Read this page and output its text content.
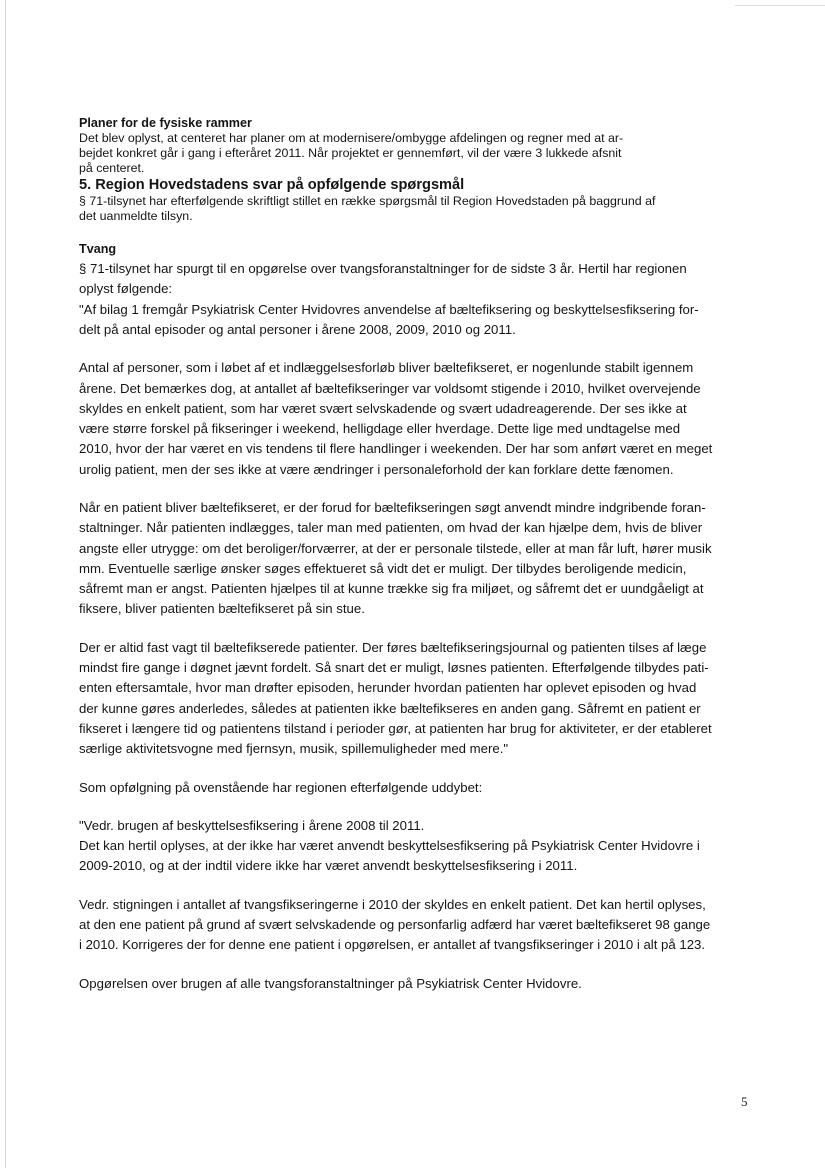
Planer for de fysiske rammer

Det blev oplyst, at centeret har planer om at modernisere/ombygge afdelingen og regner med at ar-

bejdet konkret går i gang i efteråret 2011. Når projektet er gennemført, vil der være 3 lukkede afsnit

på centeret.

5. Region Hovedstadens svar på opfølgende spørgsmål

§ 71-tilsynet har efterfølgende skriftligt stillet en række spørgsmål til Region Hovedstaden på baggrund af

det uanmeldte tilsyn.

Tvang

§ 71-tilsynet har spurgt til en opgørelse over tvangsforanstaltninger for de sidste 3 år. Hertil har regionen

oplyst følgende:

"Af bilag 1 fremgår Psykiatrisk Center Hvidovres anvendelse af bæltefiksering og beskyttelsesfiksering for-

delt på antal episoder og antal personer i årene 2008, 2009, 2010 og 2011.

Antal af personer, som i løbet af et indlæggelsesforløb bliver bæltefikseret, er nogenlunde stabilt igennem

årene. Det bemærkes dog, at antallet af bæltefikseringer var voldsomt stigende i 2010, hvilket overvejende

skyldes en enkelt patient, som har været svært selvskadende og svært udadreagerende. Der ses ikke at

være større forskel på fikseringer i weekend, helligdage eller hverdage. Dette lige med undtagelse med

2010, hvor der har været en vis tendens til flere handlinger i weekenden. Der har som anført været en meget

urolig patient, men der ses ikke at være ændringer i personaleforhold der kan forklare dette fænomen.

Når en patient bliver bæltefikseret, er der forud for bæltefikseringen søgt anvendt mindre indgribende foran-

staltninger. Når patienten indlægges, taler man med patienten, om hvad der kan hjælpe dem, hvis de bliver

angste eller utrygge: om det beroliger/forværrer, at der er personale tilstede, eller at man får luft, hører musik

mm. Eventuelle særlige ønsker søges effektueret så vidt det er muligt. Der tilbydes beroligende medicin,

såfremt man er angst. Patienten hjælpes til at kunne trække sig fra miljøet, og såfremt det er uundgåeligt at

fiksere, bliver patienten bæltefikseret på sin stue.

Der er altid fast vagt til bæltefikserede patienter. Der føres bæltefikseringsjournal og patienten tilses af læge

mindst fire gange i døgnet jævnt fordelt. Så snart det er muligt, løsnes patienten. Efterfølgende tilbydes pati-

enten eftersamtale, hvor man drøfter episoden, herunder hvordan patienten har oplevet episoden og hvad

der kunne gøres anderledes, således at patienten ikke bæltefikseres en anden gang. Såfremt en patient er

fikseret i længere tid og patientens tilstand i perioder gør, at patienten har brug for aktiviteter, er der etableret

særlige aktivitetsvogne med fjernsyn, musik, spillemuligheder med mere."

Som opfølgning på ovenstående har regionen efterfølgende uddybet:

"Vedr. brugen af beskyttelsesfiksering i årene 2008 til 2011.

Det kan hertil oplyses, at der ikke har været anvendt beskyttelsesfiksering på Psykiatrisk Center Hvidovre i

2009-2010, og at der indtil videre ikke har været anvendt beskyttelsesfiksering i 2011.

Vedr. stigningen i antallet af tvangsfikseringerne i 2010 der skyldes en enkelt patient. Det kan hertil oplyses,

at den ene patient på grund af svært selvskadende og personfarlig adfærd har været bæltefikseret 98 gange

i 2010. Korrigeres der for denne ene patient i opgørelsen, er antallet af tvangsfikseringer i 2010 i alt på 123.

Opgørelsen over brugen af alle tvangsforanstaltninger på Psykiatrisk Center Hvidovre.

5
